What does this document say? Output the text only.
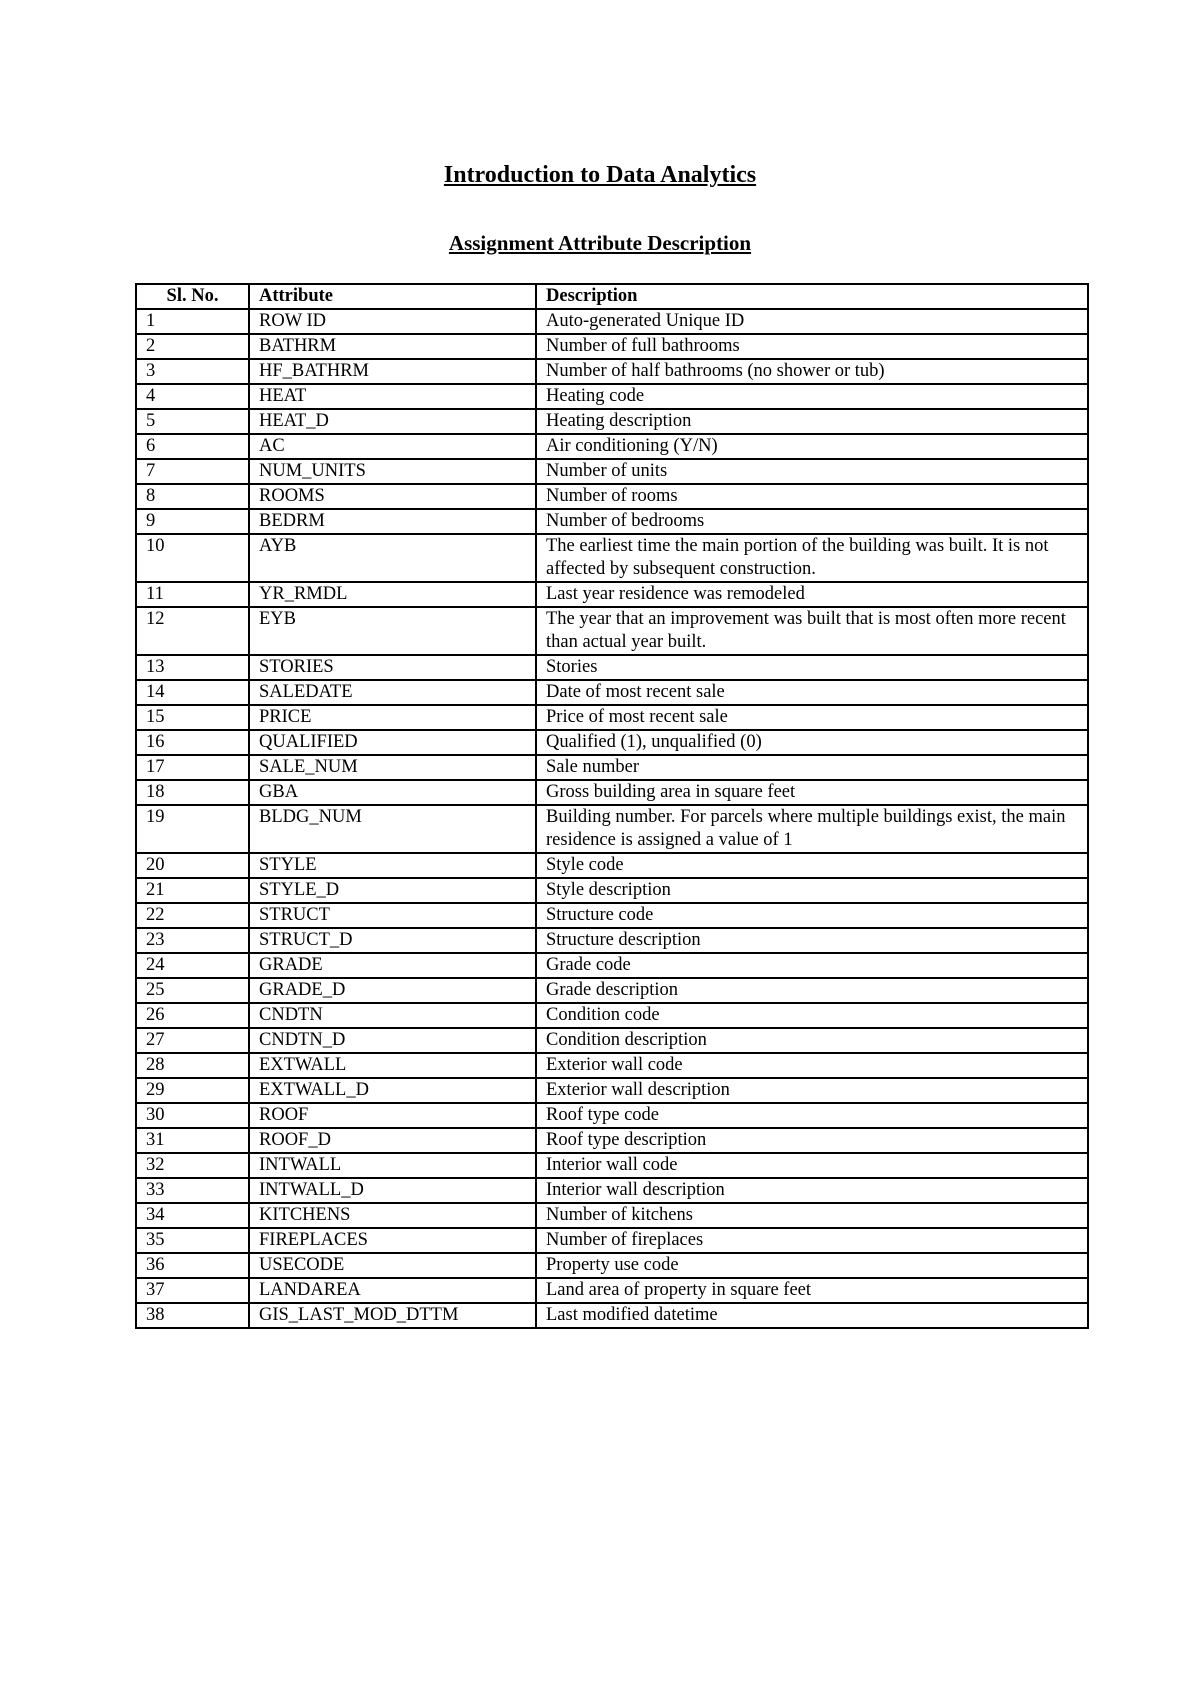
Introduction to Data Analytics
Assignment Attribute Description
Sl. No.	Attribute	Description
1	ROW ID	Auto-generated Unique ID
2	BATHRM	Number of full bathrooms
3	HF_BATHRM	Number of half bathrooms (no shower or tub)
4	HEAT	Heating code
5	HEAT_D	Heating description
6	AC	Air conditioning (Y/N)
7	NUM_UNITS	Number of units
8	ROOMS	Number of rooms
9	BEDRM	Number of bedrooms
10	AYB	The earliest time the main portion of the building was built. It is not affected by subsequent construction.
11	YR_RMDL	Last year residence was remodeled
12	EYB	The year that an improvement was built that is most often more recent than actual year built.
13	STORIES	Stories
14	SALEDATE	Date of most recent sale
15	PRICE	Price of most recent sale
16	QUALIFIED	Qualified (1), unqualified (0)
17	SALE_NUM	Sale number
18	GBA	Gross building area in square feet
19	BLDG_NUM	Building number. For parcels where multiple buildings exist, the main residence is assigned a value of 1
20	STYLE	Style code
21	STYLE_D	Style description
22	STRUCT	Structure code
23	STRUCT_D	Structure description
24	GRADE	Grade code
25	GRADE_D	Grade description
26	CNDTN	Condition code
27	CNDTN_D	Condition description
28	EXTWALL	Exterior wall code
29	EXTWALL_D	Exterior wall description
30	ROOF	Roof type code
31	ROOF_D	Roof type description
32	INTWALL	Interior wall code
33	INTWALL_D	Interior wall description
34	KITCHENS	Number of kitchens
35	FIREPLACES	Number of fireplaces
36	USECODE	Property use code
37	LANDAREA	Land area of property in square feet
38	GIS_LAST_MOD_DTTM	Last modified datetime
